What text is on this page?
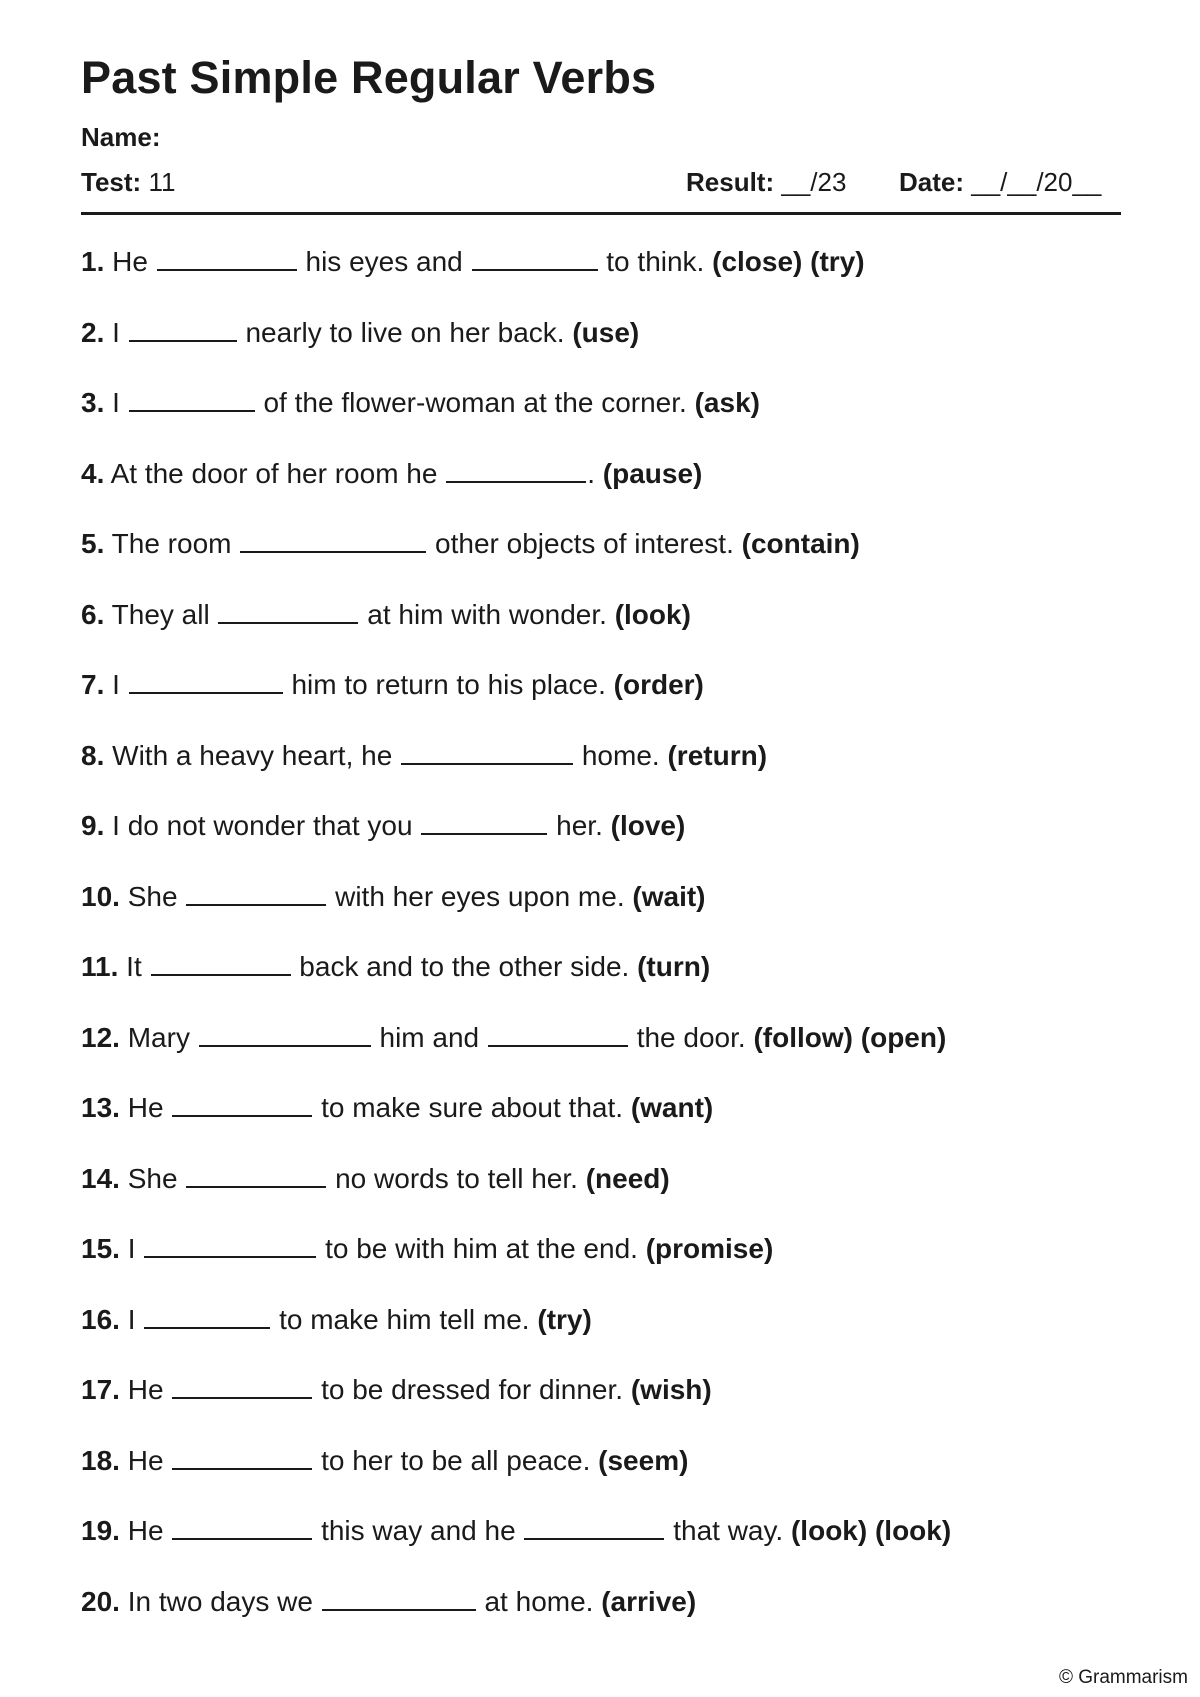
Past Simple Regular Verbs
Name:
Test: 11	Result: __/23 Date: __/__/20__
1. He	his eyes and	to think. (close) (try)
2. I	nearly to live on her back. (use)
3. I	of the flower-woman at the corner. (ask)
4. At the door of her room he	. (pause)
5. The room	other objects of interest. (contain)
6. They all	at him with wonder. (look)
7. I	him to return to his place. (order)
8. With a heavy heart, he	home. (return)
9. I do not wonder that you	her. (love)
10. She	with her eyes upon me. (wait)
11. It	back and to the other side. (turn)
12. Mary	him and	the door. (follow) (open)
13. He	to make sure about that. (want)
14. She	no words to tell her. (need)
15. I	to be with him at the end. (promise)
16. I	to make him tell me. (try)
17. He	to be dressed for dinner. (wish)
18. He	to her to be all peace. (seem)
19. He	this way and he	that way. (look) (look)
20. In two days we	at home. (arrive)
© Grammarism
